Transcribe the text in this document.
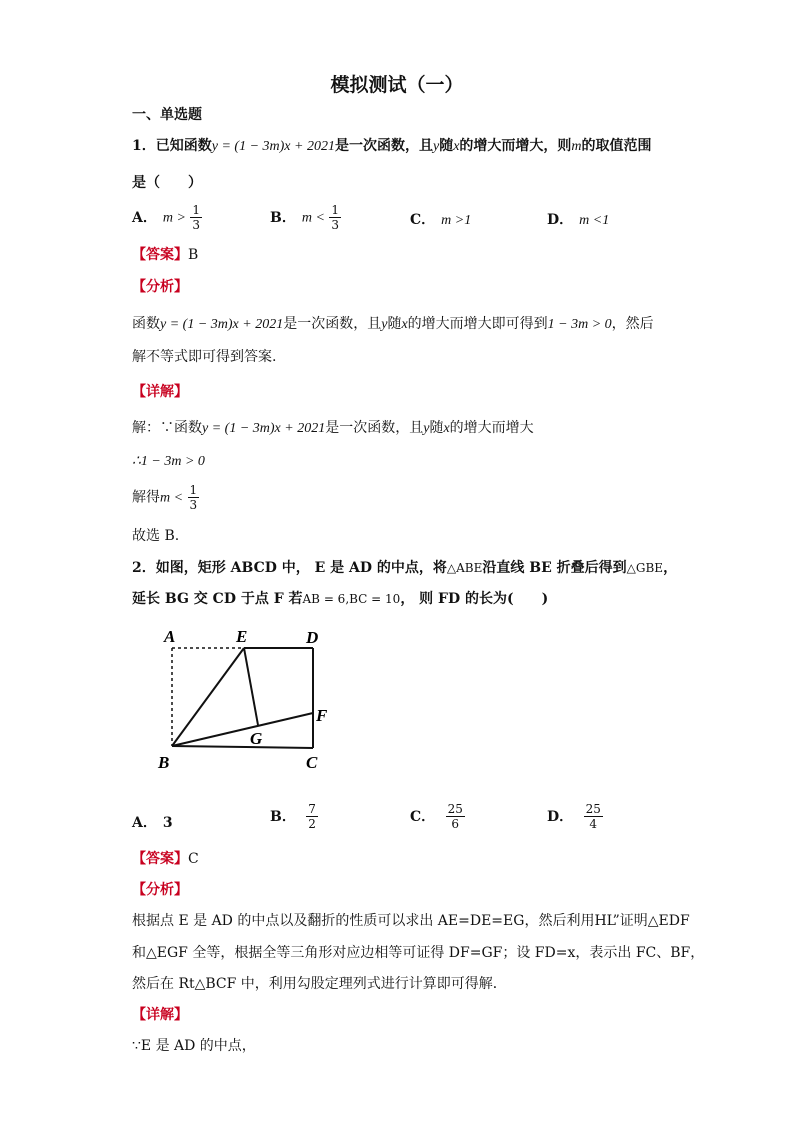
模拟测试（一）
一、单选题
1．已知函数y = (1 − 3m)x + 2021是一次函数，且y随x的增大而增大，则m的取值范围
是（　　）
A． $m > \frac{1}{3}$	B． $m < \frac{1}{3}$	C． m >1	D． m <1
【答案】B
【分析】
函数y = (1 − 3m)x + 2021是一次函数，且y随x的增大而增大即可得到1 − 3m > 0，然后
解不等式即可得到答案.
【详解】
解：∵函数y = (1 − 3m)x + 2021是一次函数，且y随x的增大而增大
∴1 − 3m > 0
解得$m < \frac{1}{3}$
故选 B.
2．如图，矩形 ABCD 中， E 是 AD 的中点，将△ABE沿直线 BE 折叠后得到△GBE，
延长 BG 交 CD 于点 F 若AB = 6,BC = 10， 则 FD 的长为(　　)
A	E	D
F
G
B	C
A． 3	B． $\frac{7}{2}$	C． $\frac{25}{6}$	D． $\frac{25}{4}$
【答案】C
【分析】
根据点 E 是 AD 的中点以及翻折的性质可以求出 AE=DE=EG，然后利用HL”证明△EDF
和△EGF 全等，根据全等三角形对应边相等可证得 DF=GF；设 FD=x，表示出 FC、BF，
然后在 Rt△BCF 中，利用勾股定理列式进行计算即可得解．
【详解】
∵E 是 AD 的中点，
